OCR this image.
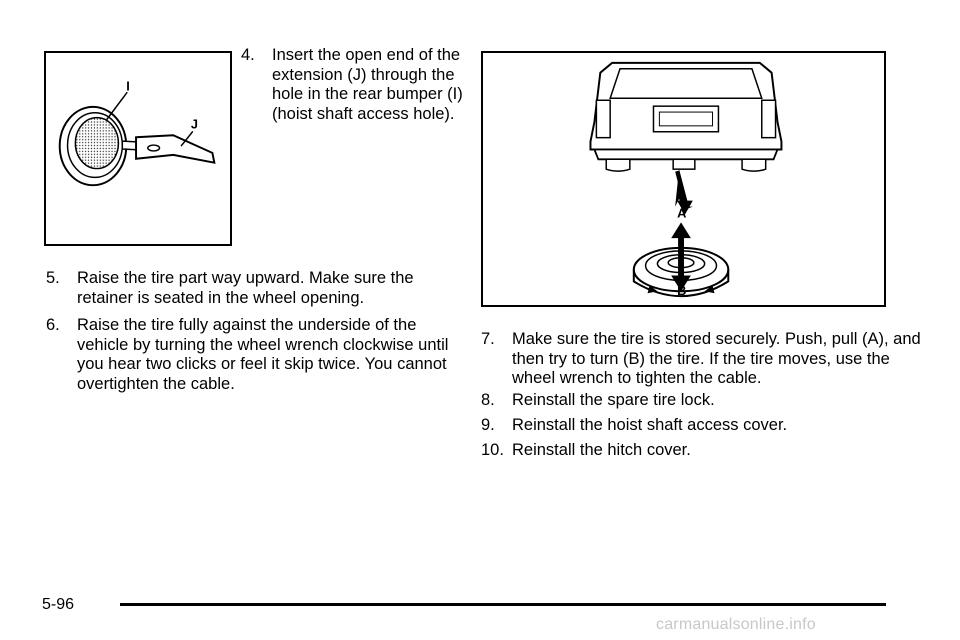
I
J

4. Insert the open end of the extension (J) through the hole in the rear bumper (I) (hoist shaft access hole).

5. Raise the tire part way upward. Make sure the retainer is seated in the wheel opening.

6. Raise the tire fully against the underside of the vehicle by turning the wheel wrench clockwise until you hear two clicks or feel it skip twice. You cannot overtighten the cable.

A
B

7. Make sure the tire is stored securely. Push, pull (A), and then try to turn (B) the tire. If the tire moves, use the wheel wrench to tighten the cable.

8. Reinstall the spare tire lock.

9. Reinstall the hoist shaft access cover.

10. Reinstall the hitch cover.

5-96
carmanualsonline.info
